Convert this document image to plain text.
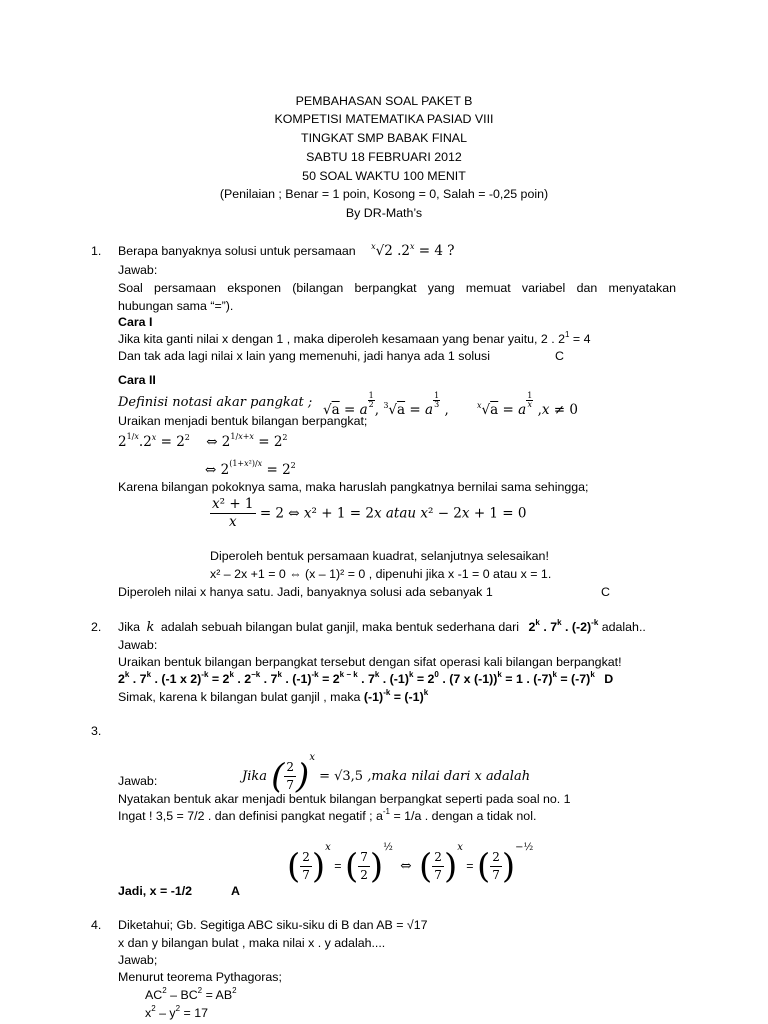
PEMBAHASAN SOAL PAKET B
KOMPETISI MATEMATIKA PASIAD VIII
TINGKAT SMP BABAK FINAL
SABTU 18 FEBRUARI 2012
50 SOAL WAKTU 100 MENIT
(Penilaian ; Benar = 1 poin, Kosong = 0, Salah = -0,25 poin)
By DR-Math’s
1. Berapa banyaknya solusi untuk persamaan $^x$√2 $.2^x = 4$ ?
Jawab:
Soal persamaan eksponen (bilangan berpangkat yang memuat variabel dan menyatakan
hubungan sama “=”).
Cara I
Jika kita ganti nilai x dengan 1 , maka diperoleh kesamaan yang benar yaitu, 2 . $2^1 = 4$
Dan tak ada lagi nilai x lain yang memenuhi, jadi hanya ada 1 solusi	C
Cara II
Definisi notasi akar pangkat ; √a = a
$\frac{1}{2}$
, $^3$√a = a
$\frac{1}{3}$
,	$^x$√a = a
$\frac{1}{x}$
,x ≠ 0
Uraikan menjadi bentuk bilangan berpangkat;
$2^{1/x}.2^x = 2^2$ ⇔ $2^{1/x+x} = 2^2$
⇔ $2^{(1+x^2)/x} = 2^2$
Karena bilangan pokoknya sama, maka haruslah pangkatnya bernilai sama sehingga;
$\frac{\text{x² + 1}}{x} = 2$ ⇔ x² + 1 = 2x atau x² − 2x + 1 = 0
Diperoleh bentuk persamaan kuadrat, selanjutnya selesaikan!
x² – 2x +1 = 0 ⇔ (x – 1)² = 0 , dipenuhi jika x -1 = 0 atau x = 1.
Diperoleh nilai x hanya satu. Jadi, banyaknya solusi ada sebanyak 1	C
2. Jika k adalah sebuah bilangan bulat ganjil, maka bentuk sederhana dari 2$^k$ . 7$^k$ . $(-2)^{-k}$ adalah..
Jawab:
Uraikan bentuk bilangan berpangkat tersebut dengan sifat operasi kali bilangan berpangkat!
2$^k$ . 7$^k$ . (-1 x $2)^{-k} = 2^k$ . $2^{-k}$ . 7$^k$ . $(-1)^{-k} = 2^{k - k}$ . 7$^k$ . $(-1)^k = 2^0$ . (7 x (-1))$^k$ = 1 . $(-7)^k = (-7)^k$ D
Simak, karena k bilangan bulat ganjil , maka $(-1)^{-k} = (-1)^k$
3.
Jika ( $\frac{2}{7} )^x = √3,5$ ,maka nilai dari x adalah
Jawab:
Nyatakan bentuk akar menjadi bentuk bilangan berpangkat seperti pada soal no. 1
Ingat ! 3,5 = 7/2 . dan definisi pangkat negatif ; $a^{-1} = 1/a$ . dengan a tidak nol.
( $\frac{2}{7} )^x$ = ( $\frac{7}{2} )^{\frac{1}{2}}$ ⇔ ( $\frac{2}{7} )^x$ = ( $\frac{2}{7} )^{-\frac{1}{2}}$
Jadi, x = -1/2	A
4. Diketahui; Gb. Segitiga ABC siku-siku di B dan AB = √17
x dan y bilangan bulat , maka nilai x . y adalah....
Jawab;
Menurut teorema Pythagoras;
$AC^2 - BC^2 = AB^2$
$x^2 - y^2 = 17$
